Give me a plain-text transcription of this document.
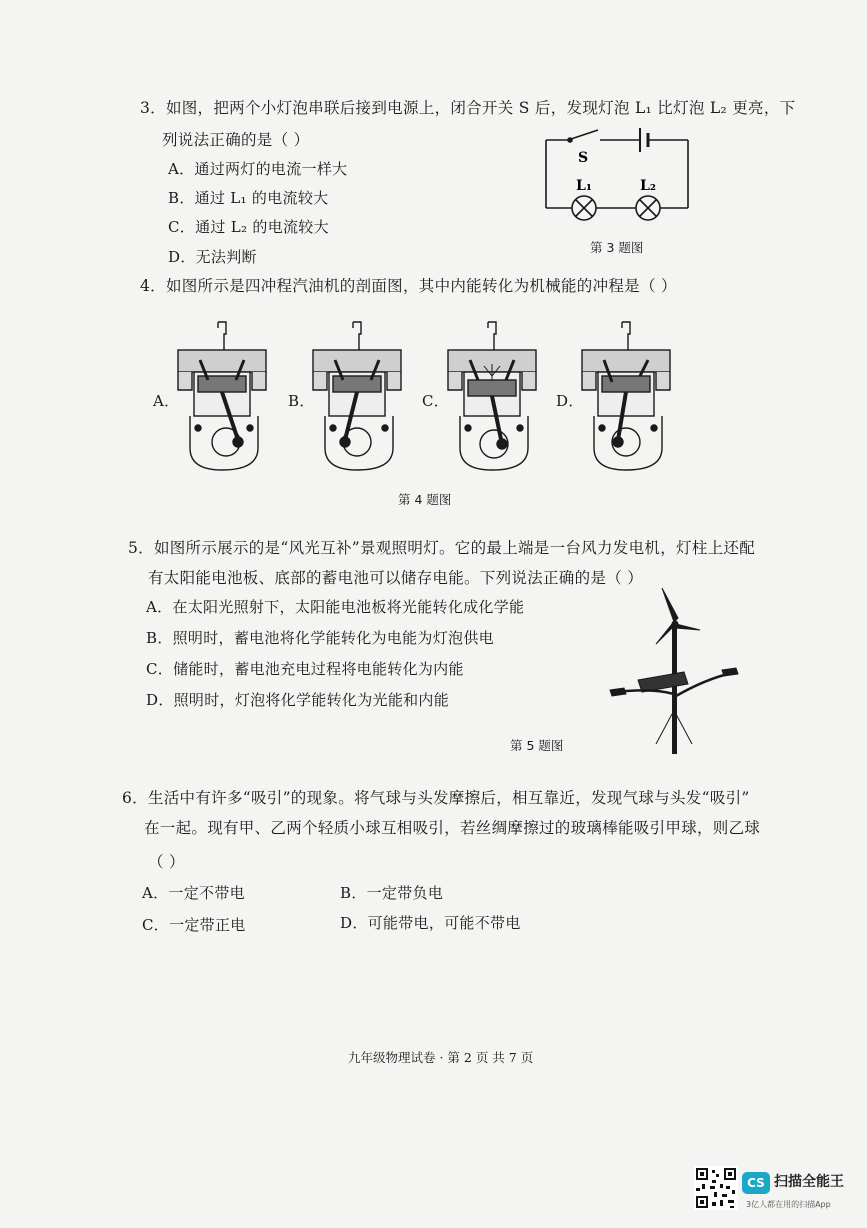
3．如图，把两个小灯泡串联后接到电源上，闭合开关 S 后，发现灯泡 L₁ 比灯泡 L₂ 更亮，下
列说法正确的是（ ）
A．通过两灯的电流一样大
B．通过 L₁ 的电流较大
C．通过 L₂ 的电流较大
D．无法判断
S
L₁	L₂
第 3 题图
4．如图所示是四冲程汽油机的剖面图，其中内能转化为机械能的冲程是（ ）
A．	B．	C．	D．
第 4 题图
5．如图所示展示的是“风光互补”景观照明灯。它的最上端是一台风力发电机，灯柱上还配
有太阳能电池板、底部的蓄电池可以储存电能。下列说法正确的是（ ）
A．在太阳光照射下，太阳能电池板将光能转化成化学能
B．照明时，蓄电池将化学能转化为电能为灯泡供电
C．储能时，蓄电池充电过程将电能转化为内能
D．照明时，灯泡将化学能转化为光能和内能
第 5 题图
6．生活中有许多“吸引”的现象。将气球与头发摩擦后，相互靠近，发现气球与头发“吸引”
在一起。现有甲、乙两个轻质小球互相吸引，若丝绸摩擦过的玻璃棒能吸引甲球，则乙球
（ ）
A．一定不带电	B．一定带负电
C．一定带正电	D．可能带电，可能不带电
九年级物理试卷 · 第 2 页 共 7 页
CS 扫描全能王
3亿人都在用的扫描App
